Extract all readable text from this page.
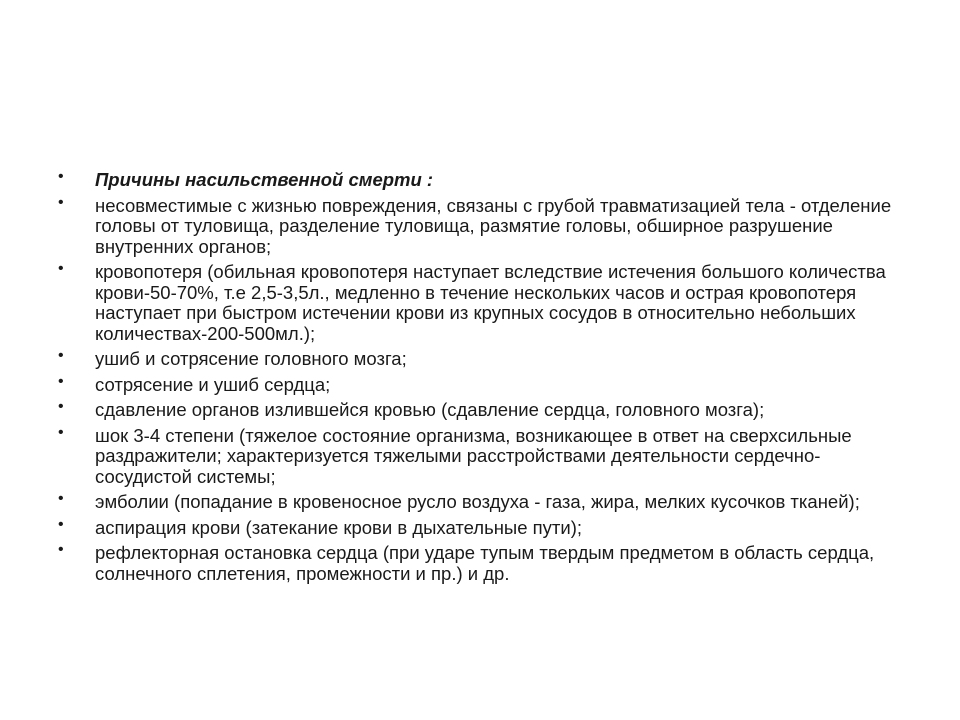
• Причины насильственной смерти :
• несовместимые с жизнью повреждения, связаны с грубой травматизацией тела - отделение головы от туловища, разделение туловища, размятие головы, обширное разрушение внутренних органов;
• кровопотеря (обильная кровопотеря наступает вследствие истечения большого количества крови-50-70%, т.е 2,5-3,5л., медленно в течение нескольких часов и острая кровопотеря наступает при быстром истечении крови из крупных сосудов в относительно небольших количествах-200-500мл.);
• ушиб и сотрясение головного мозга;
• сотрясение и ушиб сердца;
• сдавление органов излившейся кровью (сдавление сердца, головного мозга);
• шок 3-4 степени (тяжелое состояние организма, возникающее в ответ на сверхсильные раздражители; характеризуется тяжелыми расстройствами деятельности сердечно-сосудистой системы;
• эмболии (попадание в кровеносное русло воздуха - газа, жира, мелких кусочков тканей);
• аспирация крови (затекание крови в дыхательные пути);
• рефлекторная остановка сердца (при ударе тупым твердым предметом в область сердца, солнечного сплетения, промежности и пр.) и др.
